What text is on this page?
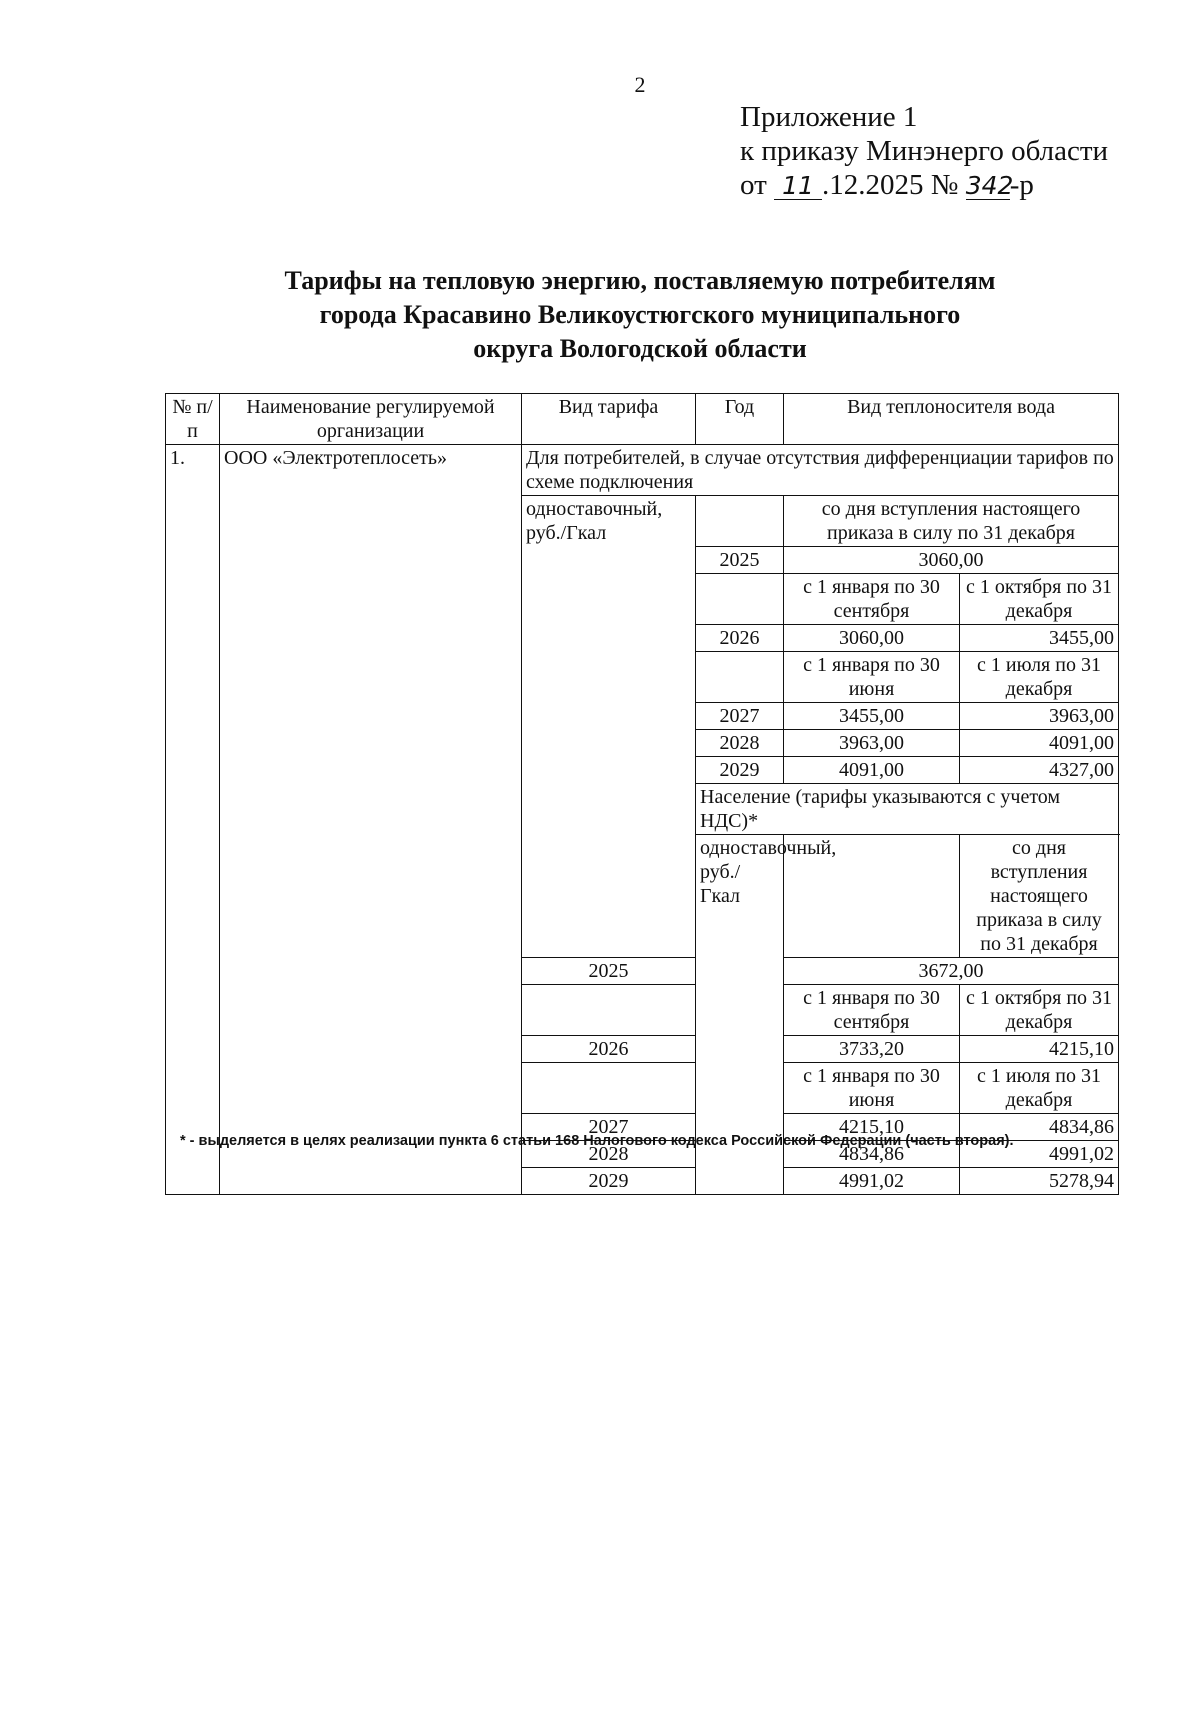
2
Приложение 1
к приказу Минэнерго области
от 11 .12.2025 № 342-р
Тарифы на тепловую энергию, поставляемую потребителям
города Красавино Великоустюгского муниципального
округа Вологодской области
№ п/п	Наименование регулируемой организации	Вид тарифа	Год	Вид теплоносителя вода	
1.	ООО «Электротеплосеть»	Для потребителей, в случае отсутствия дифференциации тарифов по схеме подключения			
		одноставочный, руб./Гкал		со дня вступления настоящего приказа в силу по 31 декабря	
			2025	3060,00	
				с 1 января по 30 сентября	с 1 октября по 31 декабря
			2026	3060,00	3455,00
				с 1 января по 30 июня	с 1 июля по 31 декабря
			2027	3455,00	3963,00
			2028	3963,00	4091,00
			2029	4091,00	4327,00
			Население (тарифы указываются с учетом НДС)*		
			одноставочный, руб./Гкал		со дня вступления настоящего приказа в силу по 31 декабря
		2025		3672,00	
				с 1 января по 30 сентября	с 1 октября по 31 декабря
		2026		3733,20	4215,10
				с 1 января по 30 июня	с 1 июля по 31 декабря
		2027		4215,10	4834,86
		2028		4834,86	4991,02
		2029		4991,02	5278,94
* - выделяется в целях реализации пункта 6 статьи 168 Налогового кодекса Российской Федерации (часть вторая).
